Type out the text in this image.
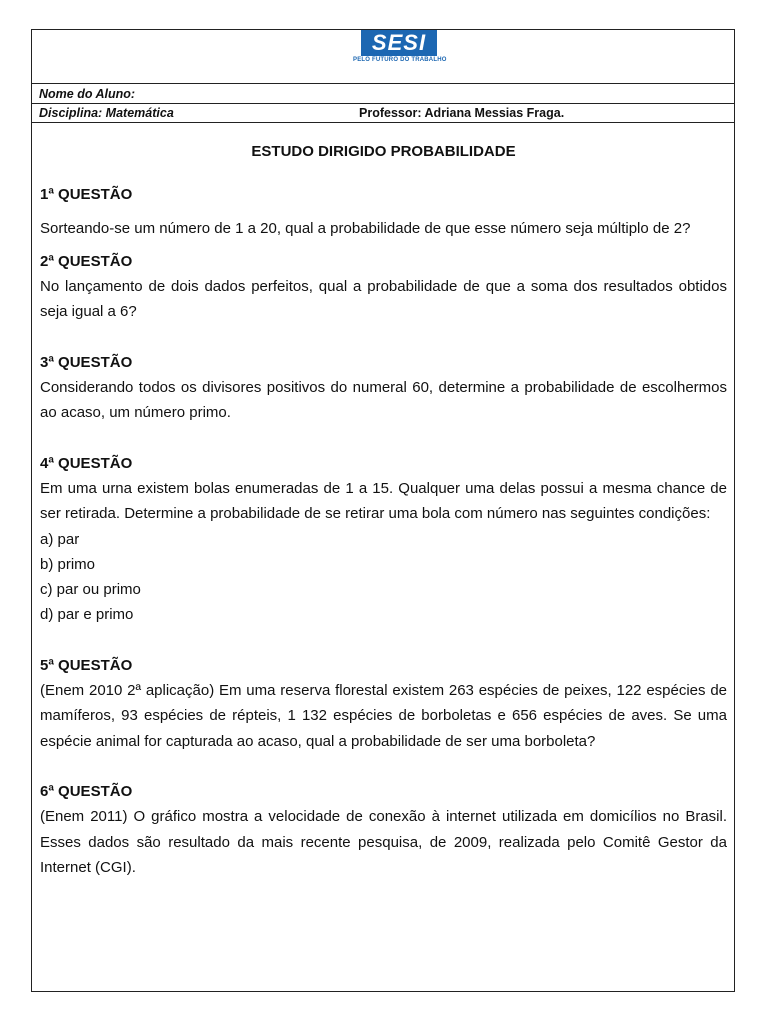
SESI
PELO FUTURO DO TRABALHO
Nome do Aluno:
Disciplina: Matemática	Professor: Adriana Messias Fraga.

ESTUDO DIRIGIDO PROBABILIDADE

1ª QUESTÃO

Sorteando-se um número de 1 a 20, qual a probabilidade de que esse número seja múltiplo de 2?

2ª QUESTÃO

No lançamento de dois dados perfeitos, qual a probabilidade de que a soma dos resultados obtidos seja igual a 6?

3ª QUESTÃO

Considerando todos os divisores positivos do numeral 60, determine a probabilidade de escolhermos ao acaso, um número primo.

4ª QUESTÃO

Em uma urna existem bolas enumeradas de 1 a 15. Qualquer uma delas possui a mesma chance de ser retirada. Determine a probabilidade de se retirar uma bola com número nas seguintes condições:

a) par

b) primo

c) par ou primo

d) par e primo

5ª QUESTÃO

(Enem 2010 2ª aplicação) Em uma reserva florestal existem 263 espécies de peixes, 122 espécies de mamíferos, 93 espécies de répteis, 1 132 espécies de borboletas e 656 espécies de aves. Se uma espécie animal for capturada ao acaso, qual a probabilidade de ser uma borboleta?

6ª QUESTÃO

(Enem 2011) O gráfico mostra a velocidade de conexão à internet utilizada em domicílios no Brasil. Esses dados são resultado da mais recente pesquisa, de 2009, realizada pelo Comitê Gestor da Internet (CGI).
